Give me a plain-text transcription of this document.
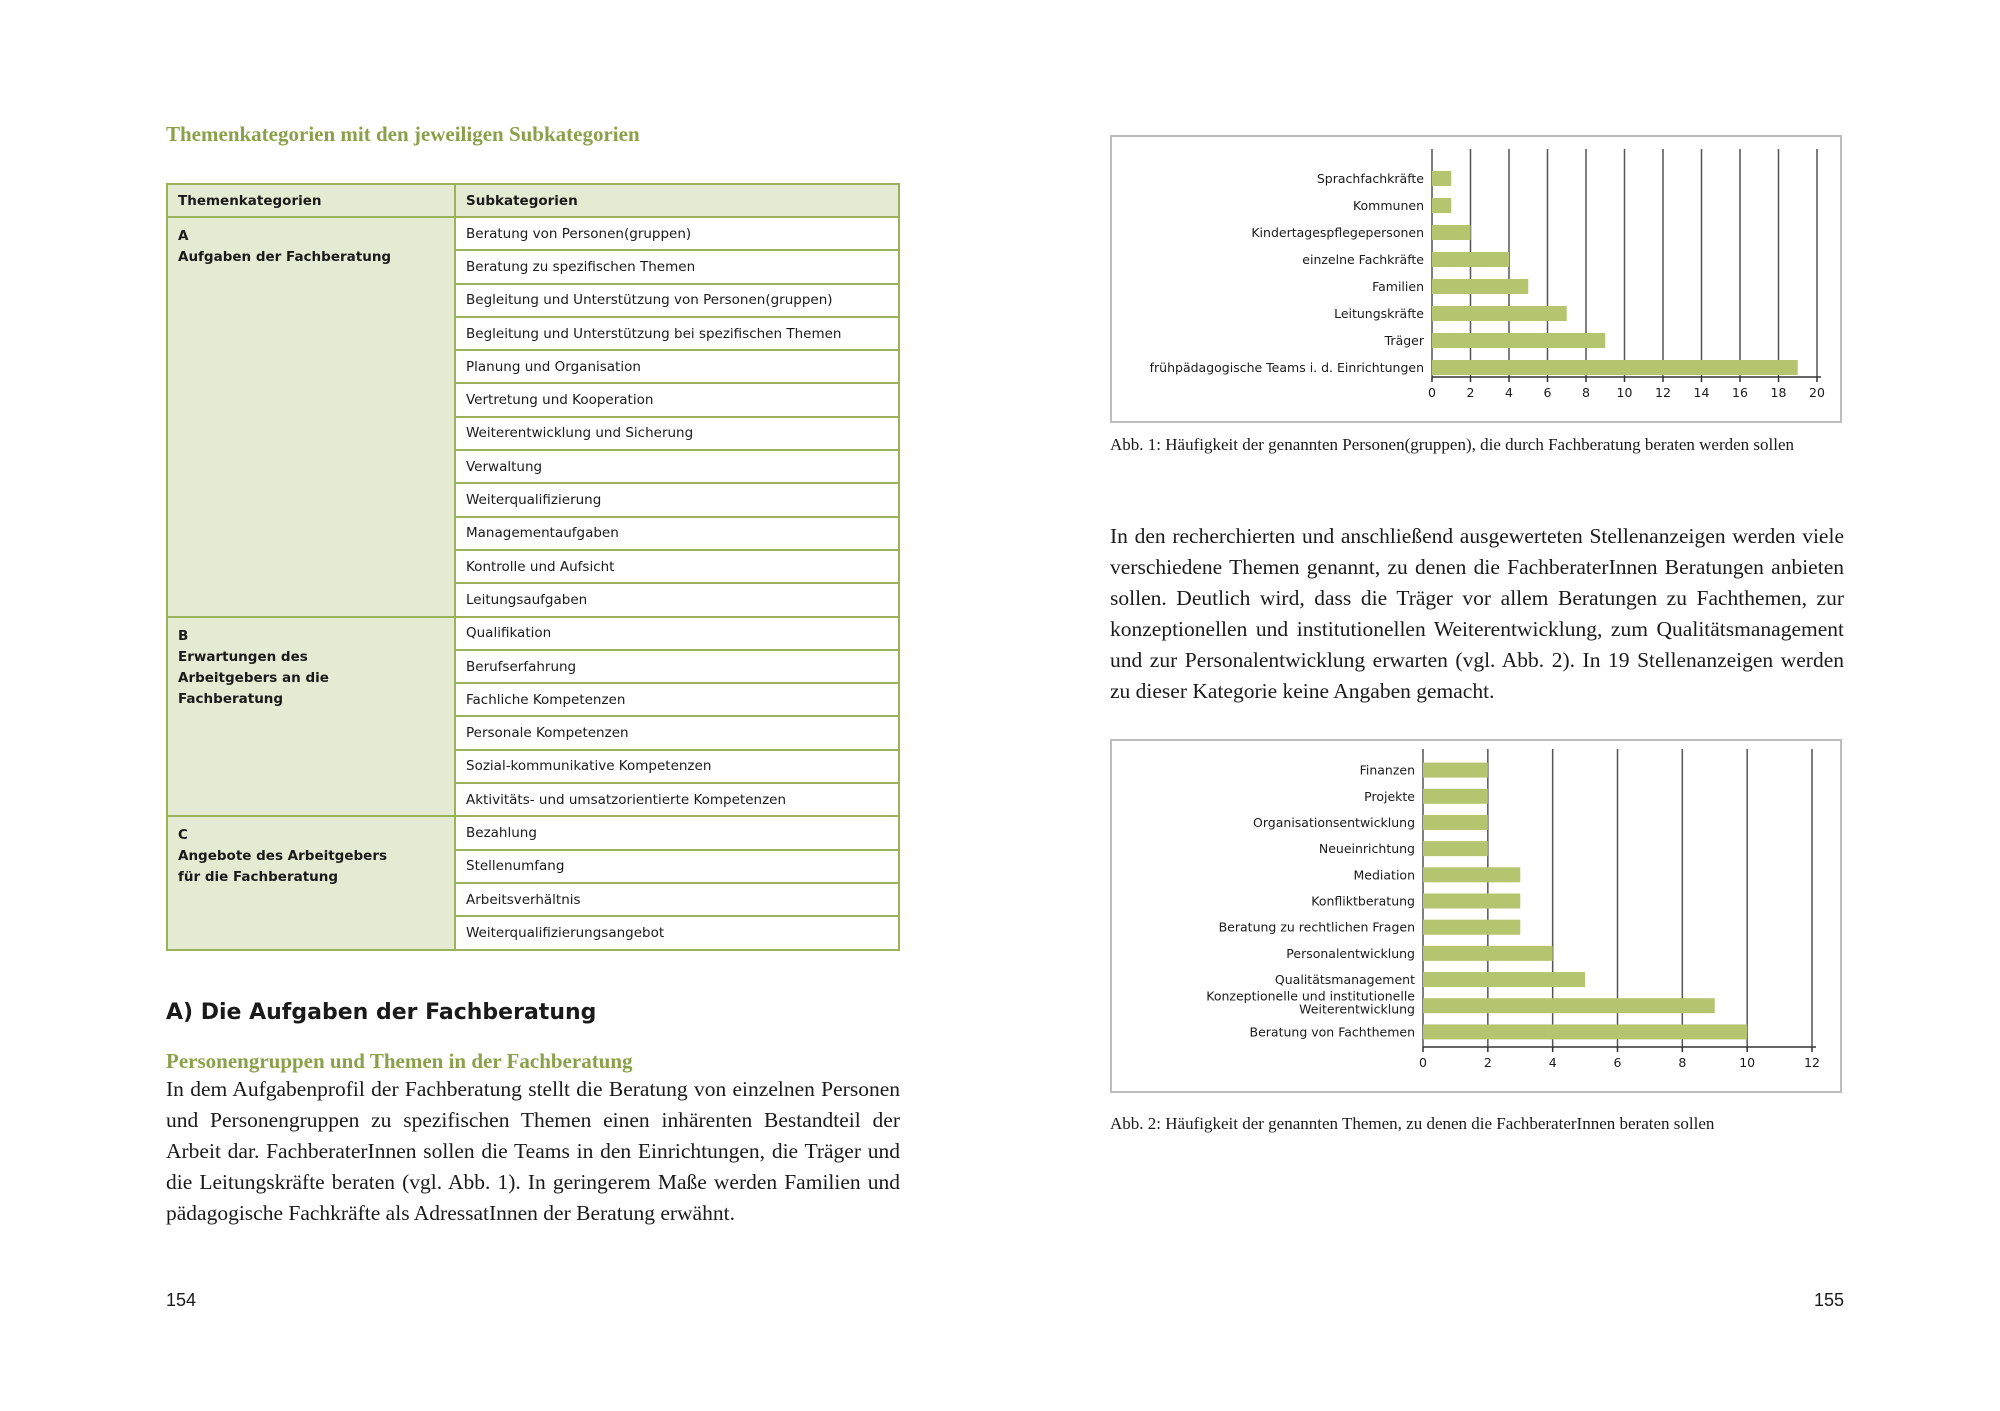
Themenkategorien mit den jeweiligen Subkategorien
Themenkategorien	Subkategorien

A
Aufgaben der Fachberatung	Beratung von Personen(gruppen)
	Beratung zu spezifischen Themen
	Begleitung und Unterstützung von Personen(gruppen)
	Begleitung und Unterstützung bei spezifischen Themen
	Planung und Organisation
	Vertretung und Kooperation
	Weiterentwicklung und Sicherung
	Verwaltung
	Weiterqualifizierung
	Managementaufgaben
	Kontrolle und Aufsicht
	Leitungsaufgaben

B
Erwartungen des Arbeitgebers an die Fachberatung	Qualifikation
	Berufserfahrung
	Fachliche Kompetenzen
	Personale Kompetenzen
	Sozial-kommunikative Kompetenzen
	Aktivitäts- und umsatzorientierte Kompetenzen

C
Angebote des Arbeitgebers für die Fachberatung	Bezahlung
	Stellenumfang
	Arbeitsverhältnis
	Weiterqualifizierungsangebot
A) Die Aufgaben der Fachberatung
Personengruppen und Themen in der Fachberatung
In dem Aufgabenprofil der Fachberatung stellt die Beratung von einzelnen Personen und Personengruppen zu spezifischen Themen einen inhärenten Bestandteil der Arbeit dar. FachberaterInnen sollen die Teams in den Einrichtungen, die Träger und die Leitungskräfte beraten (vgl. Abb. 1). In geringerem Maße werden Familien und pädagogische Fachkräfte als AdressatInnen der Beratung erwähnt.
154
0 2 4 6 8 10 12 14 16 18 20
Sprachfachkräfte
Kommunen
Kindertagespflegepersonen
einzelne Fachkräfte
Familien
Leitungskräfte
Träger
frühpädagogische Teams i. d. Einrichtungen
Abb. 1: Häufigkeit der genannten Personen(gruppen), die durch Fachberatung beraten werden sollen
In den recherchierten und anschließend ausgewerteten Stellenanzeigen werden viele verschiedene Themen genannt, zu denen die FachberaterInnen Beratungen anbieten sollen. Deutlich wird, dass die Träger vor allem Beratungen zu Fachthemen, zur konzeptionellen und institutionellen Weiterentwicklung, zum Qualitätsmanagement und zur Personalentwicklung erwarten (vgl. Abb. 2). In 19 Stellenanzeigen werden zu dieser Kategorie keine Angaben gemacht.
0	2	4	6	8	10	12
Finanzen
Projekte
Organisationsentwicklung
Neueinrichtung
Mediation
Konfliktberatung
Beratung zu rechtlichen Fragen
Personalentwicklung
Qualitätsmanagement
Konzeptionelle und institutionelle Weiterentwicklung
Beratung von Fachthemen
Abb. 2: Häufigkeit der genannten Themen, zu denen die FachberaterInnen beraten sollen
155
